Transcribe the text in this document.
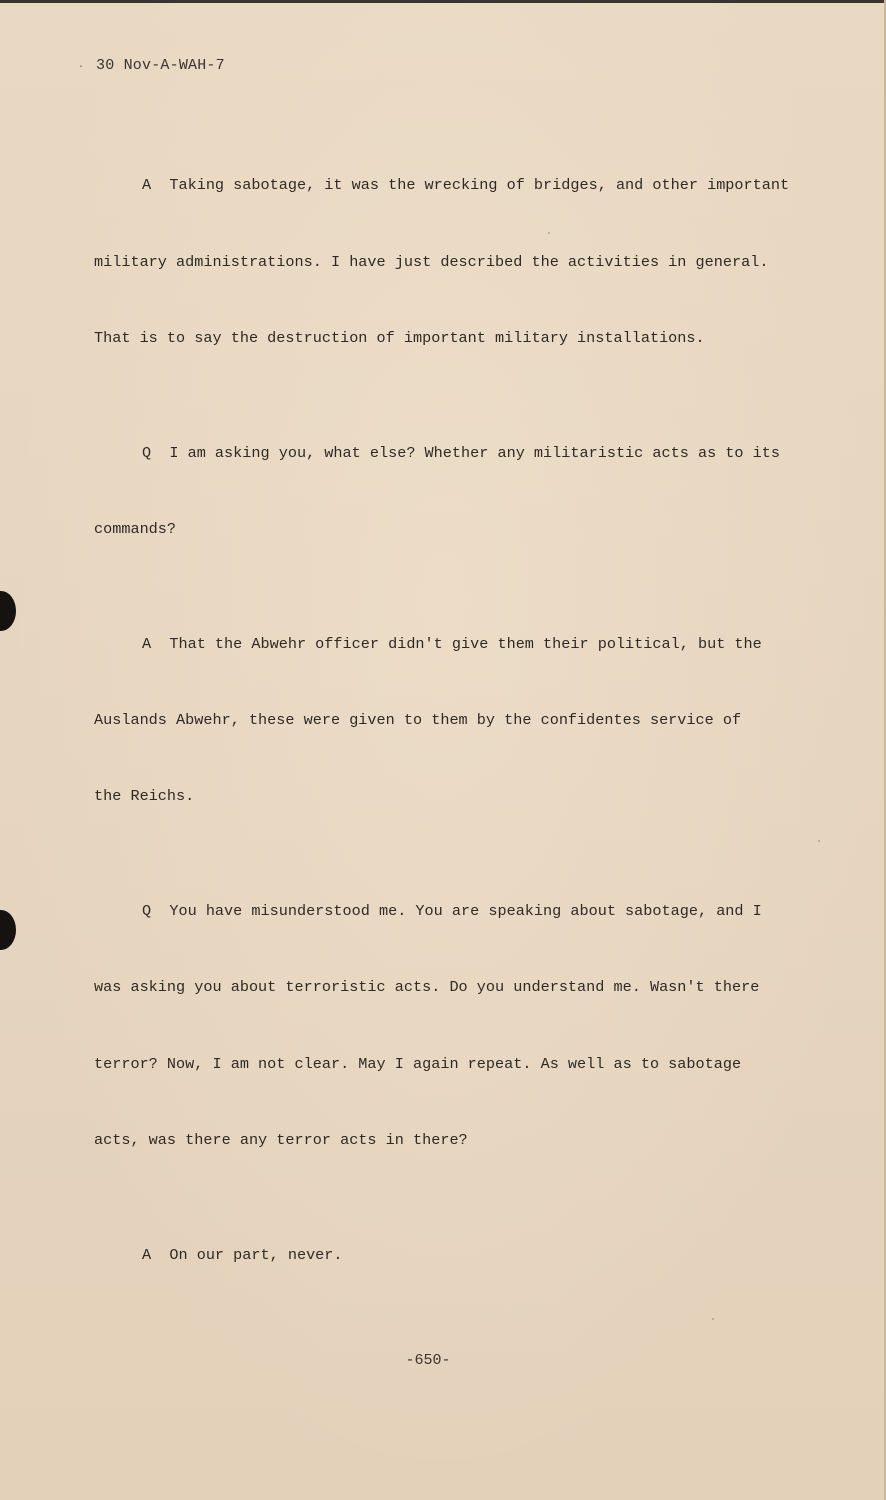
· 30 Nov-A-WAH-7

A Taking sabotage, it was the wrecking of bridges, and other important

military administrations. I have just described the activities in general.

That is to say the destruction of important military installations.

Q I am asking you, what else? Whether any militaristic acts as to its

commands?

A That the Abwehr officer didn't give them their political, but the

Auslands Abwehr, these were given to them by the confidentes service of

the Reichs.

Q You have misunderstood me. You are speaking about sabotage, and I

was asking you about terroristic acts. Do you understand me. Wasn't there

terror? Now, I am not clear. May I again repeat. As well as to sabotage

acts, was there any terror acts in there?

A On our part, never.

-650-
